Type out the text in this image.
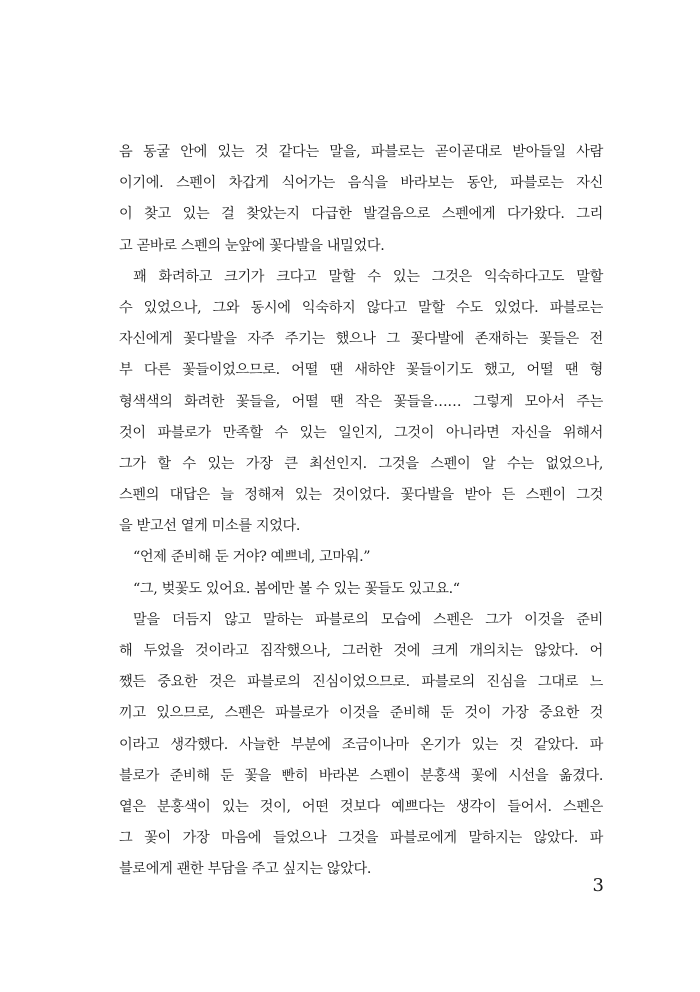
음 동굴 안에 있는 것 같다는 말을, 파블로는 곧이곧대로 받아들일 사람
이기에. 스펜이 차갑게 식어가는 음식을 바라보는 동안, 파블로는 자신
이 찾고 있는 걸 찾았는지 다급한 발걸음으로 스펜에게 다가왔다. 그리
고 곧바로 스펜의 눈앞에 꽃다발을 내밀었다.
꽤 화려하고 크기가 크다고 말할 수 있는 그것은 익숙하다고도 말할
수 있었으나, 그와 동시에 익숙하지 않다고 말할 수도 있었다. 파블로는
자신에게 꽃다발을 자주 주기는 했으나 그 꽃다발에 존재하는 꽃들은 전
부 다른 꽃들이었으므로. 어떨 땐 새하얀 꽃들이기도 했고, 어떨 땐 형
형색색의 화려한 꽃들을, 어떨 땐 작은 꽃들을…… 그렇게 모아서 주는
것이 파블로가 만족할 수 있는 일인지, 그것이 아니라면 자신을 위해서
그가 할 수 있는 가장 큰 최선인지. 그것을 스펜이 알 수는 없었으나,
스펜의 대답은 늘 정해져 있는 것이었다. 꽃다발을 받아 든 스펜이 그것
을 받고선 옅게 미소를 지었다.
“언제 준비해 둔 거야? 예쁘네, 고마워.”
“그, 벚꽃도 있어요. 봄에만 볼 수 있는 꽃들도 있고요.“
말을 더듬지 않고 말하는 파블로의 모습에 스펜은 그가 이것을 준비
해 두었을 것이라고 짐작했으나, 그러한 것에 크게 개의치는 않았다. 어
쨌든 중요한 것은 파블로의 진심이었으므로. 파블로의 진심을 그대로 느
끼고 있으므로, 스펜은 파블로가 이것을 준비해 둔 것이 가장 중요한 것
이라고 생각했다. 사늘한 부분에 조금이나마 온기가 있는 것 같았다. 파
블로가 준비해 둔 꽃을 빤히 바라본 스펜이 분홍색 꽃에 시선을 옮겼다.
옅은 분홍색이 있는 것이, 어떤 것보다 예쁘다는 생각이 들어서. 스펜은
그 꽃이 가장 마음에 들었으나 그것을 파블로에게 말하지는 않았다. 파
블로에게 괜한 부담을 주고 싶지는 않았다.
3
